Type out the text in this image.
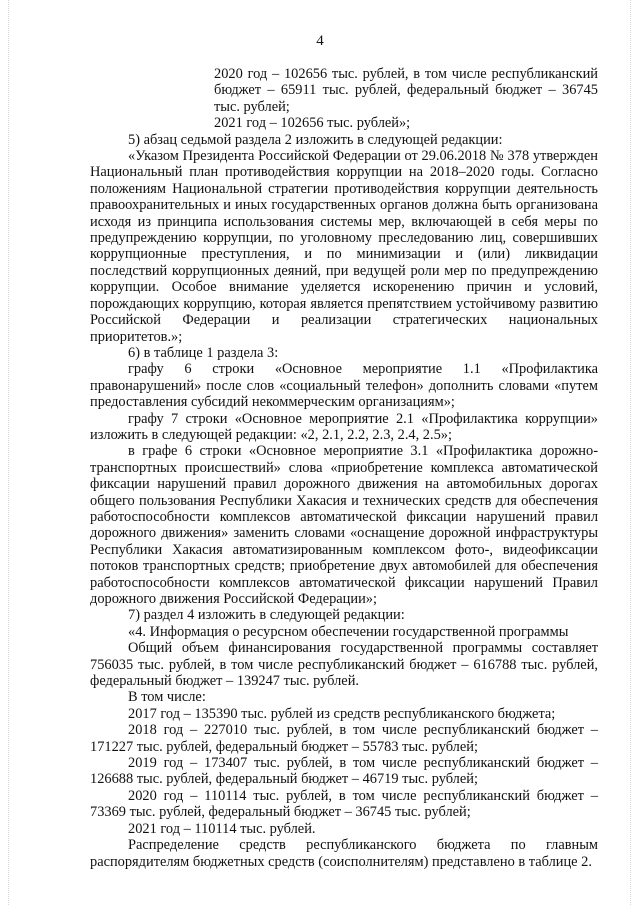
4

2020 год – 102656 тыс. рублей, в том числе республиканский бюджет – 65911 тыс. рублей, федеральный бюджет – 36745 тыс. рублей;

2021 год – 102656 тыс. рублей»;

5) абзац седьмой раздела 2 изложить в следующей редакции:

«Указом Президента Российской Федерации от 29.06.2018 № 378 утвержден Национальный план противодействия коррупции на 2018–2020 годы. Согласно положениям Национальной стратегии противодействия коррупции деятельность правоохранительных и иных государственных органов должна быть организована исходя из принципа использования системы мер, включающей в себя меры по предупреждению коррупции, по уголовному преследованию лиц, совершивших коррупционные преступления, и по минимизации и (или) ликвидации последствий коррупционных деяний, при ведущей роли мер по предупреждению коррупции. Особое внимание уделяется искоренению причин и условий, порождающих коррупцию, которая является препятствием устойчивому развитию Российской Федерации и реализации стратегических национальных приоритетов.»;

6) в таблице 1 раздела 3:

графу 6 строки «Основное мероприятие 1.1 «Профилактика правонарушений» после слов «социальный телефон» дополнить словами «путем предоставления субсидий некоммерческим организациям»;

графу 7 строки «Основное мероприятие 2.1 «Профилактика коррупции» изложить в следующей редакции: «2, 2.1, 2.2, 2.3, 2.4, 2.5»;

в графе 6 строки «Основное мероприятие 3.1 «Профилактика дорожно-транспортных происшествий» слова «приобретение комплекса автоматической фиксации нарушений правил дорожного движения на автомобильных дорогах общего пользования Республики Хакасия и технических средств для обеспечения работоспособности комплексов автоматической фиксации нарушений правил дорожного движения» заменить словами «оснащение дорожной инфраструктуры Республики Хакасия автоматизированным комплексом фото-, видеофиксации потоков транспортных средств; приобретение двух автомобилей для обеспечения работоспособности комплексов автоматической фиксации нарушений Правил дорожного движения Российской Федерации»;

7) раздел 4 изложить в следующей редакции:

«4. Информация о ресурсном обеспечении государственной программы

Общий объем финансирования государственной программы составляет 756035 тыс. рублей, в том числе республиканский бюджет – 616788 тыс. рублей, федеральный бюджет – 139247 тыс. рублей.

В том числе:

2017 год – 135390 тыс. рублей из средств республиканского бюджета;

2018 год – 227010 тыс. рублей, в том числе республиканский бюджет – 171227 тыс. рублей, федеральный бюджет – 55783 тыс. рублей;

2019 год – 173407 тыс. рублей, в том числе республиканский бюджет – 126688 тыс. рублей, федеральный бюджет – 46719 тыс. рублей;

2020 год – 110114 тыс. рублей, в том числе республиканский бюджет – 73369 тыс. рублей, федеральный бюджет – 36745 тыс. рублей;

2021 год – 110114 тыс. рублей.

Распределение средств республиканского бюджета по главным распорядителям бюджетных средств (соисполнителям) представлено в таблице 2.
